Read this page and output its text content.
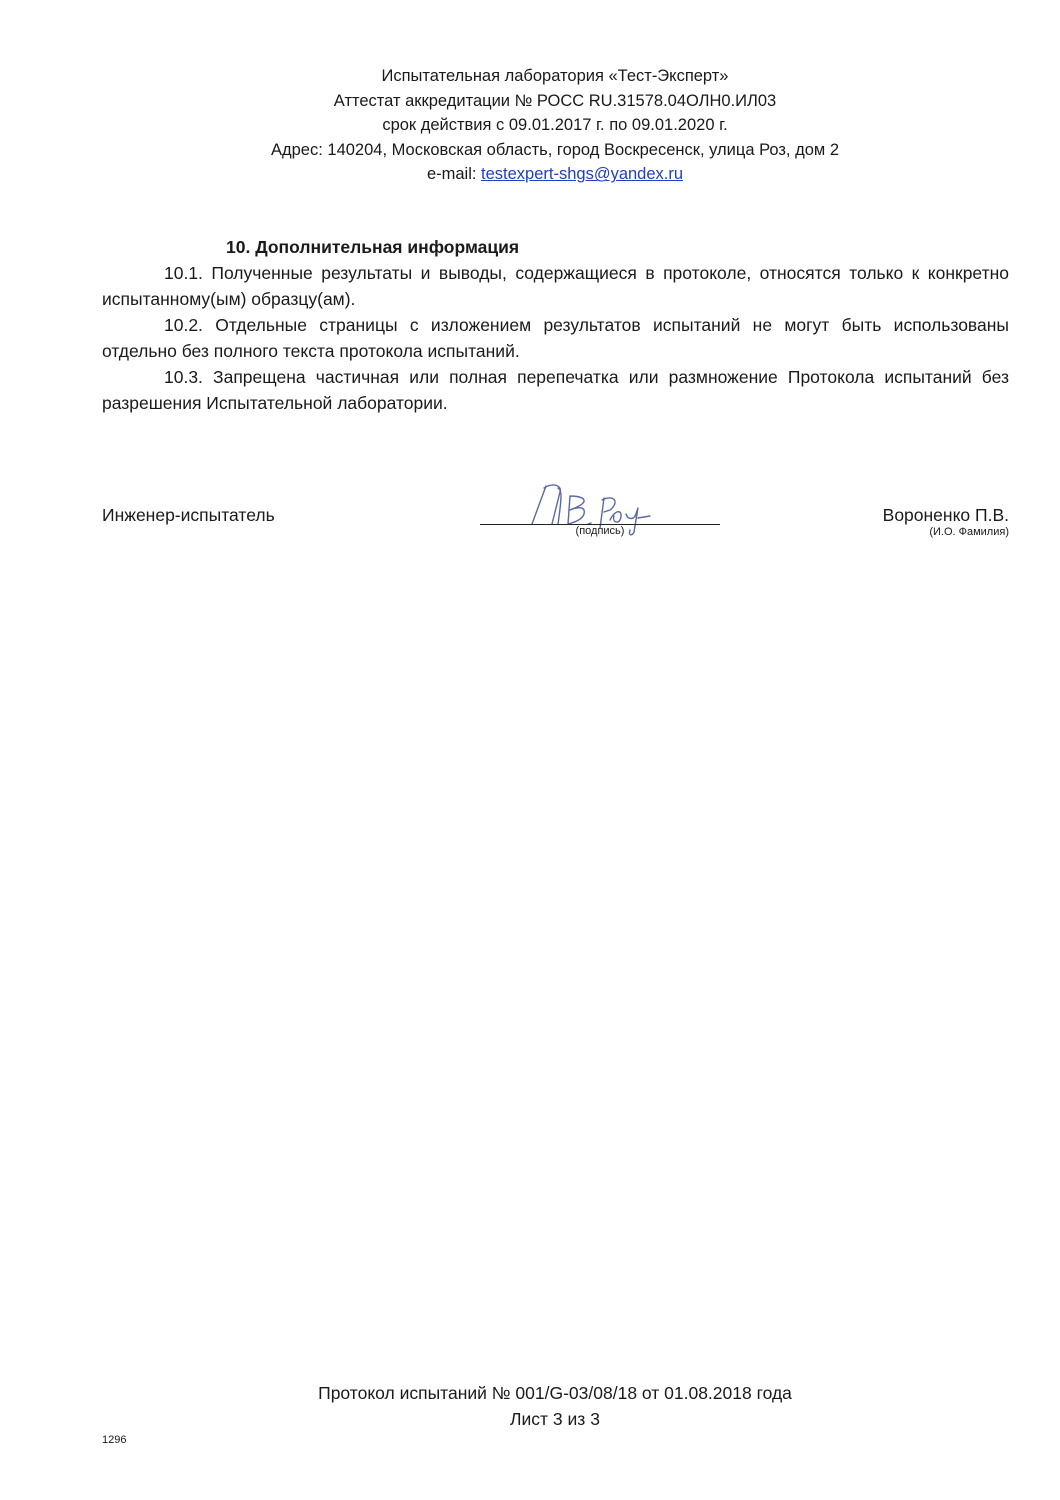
Испытательная лаборатория «Тест-Эксперт»
Аттестат аккредитации № РОСС RU.31578.04ОЛН0.ИЛ03
срок действия с 09.01.2017 г. по 09.01.2020 г.
Адрес: 140204, Московская область, город Воскресенск, улица Роз, дом 2
e-mail: testexpert-shgs@yandex.ru

10. Дополнительная информация

10.1. Полученные результаты и выводы, содержащиеся в протоколе, относятся только к конкретно испытанному(ым) образцу(ам).

10.2. Отдельные страницы с изложением результатов испытаний не могут быть использованы отдельно без полного текста протокола испытаний.

10.3. Запрещена частичная или полная перепечатка или размножение Протокола испытаний без разрешения Испытательной лаборатории.

Инженер-испытатель
(подпись)
Вороненко П.В.
(И.О. Фамилия)
Протокол испытаний № 001/G-03/08/18 от 01.08.2018 года
Лист 3 из 3
1296
